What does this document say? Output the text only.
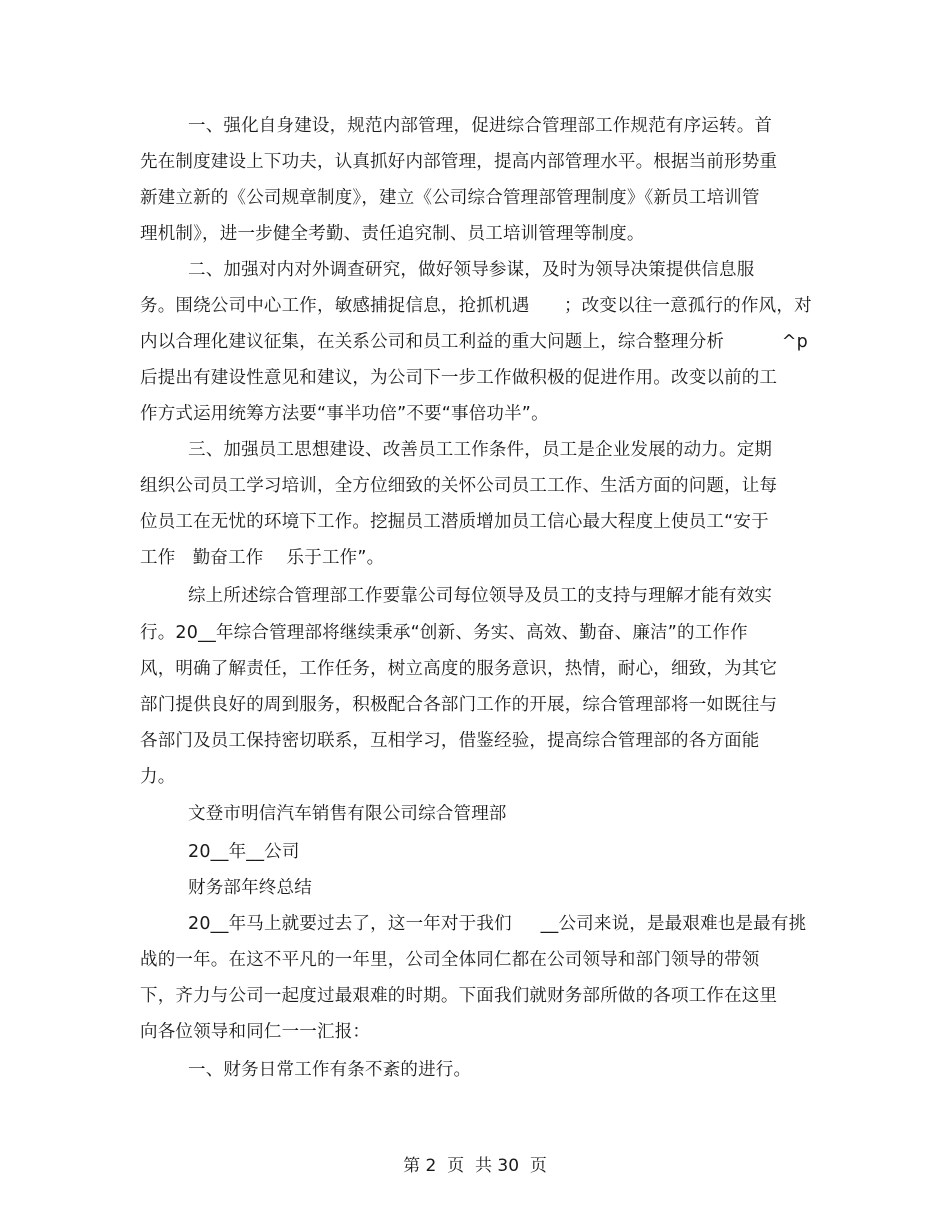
一、强化自身建设，规范内部管理，促进综合管理部工作规范有序运转。首
先在制度建设上下功夫，认真抓好内部管理，提高内部管理水平。根据当前形势重
新建立新的《公司规章制度》，建立《公司综合管理部管理制度》《新员工培训管
理机制》，进一步健全考勤、责任追究制、员工培训管理等制度。
二、加强对内对外调查研究，做好领导参谋，及时为领导决策提供信息服
务。围绕公司中心工作，敏感捕捉信息，抢抓机遇      ；改变以往一意孤行的作风，对
内以合理化建议征集，在关系公司和员工利益的重大问题上，综合整理分析          ^p
后提出有建设性意见和建议，为公司下一步工作做积极的促进作用。改变以前的工
作方式运用统筹方法要“事半功倍”不要“事倍功半”。
三、加强员工思想建设、改善员工工作条件，员工是企业发展的动力。定期
组织公司员工学习培训，全方位细致的关怀公司员工工作、生活方面的问题，让每
位员工在无忧的环境下工作。挖掘员工潜质增加员工信心最大程度上使员工“安于
工作   勤奋工作    乐于工作”。
综上所述综合管理部工作要靠公司每位领导及员工的支持与理解才能有效实
行。20__年综合管理部将继续秉承“创新、务实、高效、勤奋、廉洁”的工作作
风，明确了解责任，工作任务，树立高度的服务意识，热情，耐心，细致，为其它
部门提供良好的周到服务，积极配合各部门工作的开展，综合管理部将一如既往与
各部门及员工保持密切联系，互相学习，借鉴经验，提高综合管理部的各方面能
力。
文登市明信汽车销售有限公司综合管理部
20__年__公司
财务部年终总结
20__年马上就要过去了，这一年对于我们     __公司来说，是最艰难也是最有挑
战的一年。在这不平凡的一年里，公司全体同仁都在公司领导和部门领导的带领
下，齐力与公司一起度过最艰难的时期。下面我们就财务部所做的各项工作在这里
向各位领导和同仁一一汇报：
一、财务日常工作有条不紊的进行。
第 2  页  共 30  页
